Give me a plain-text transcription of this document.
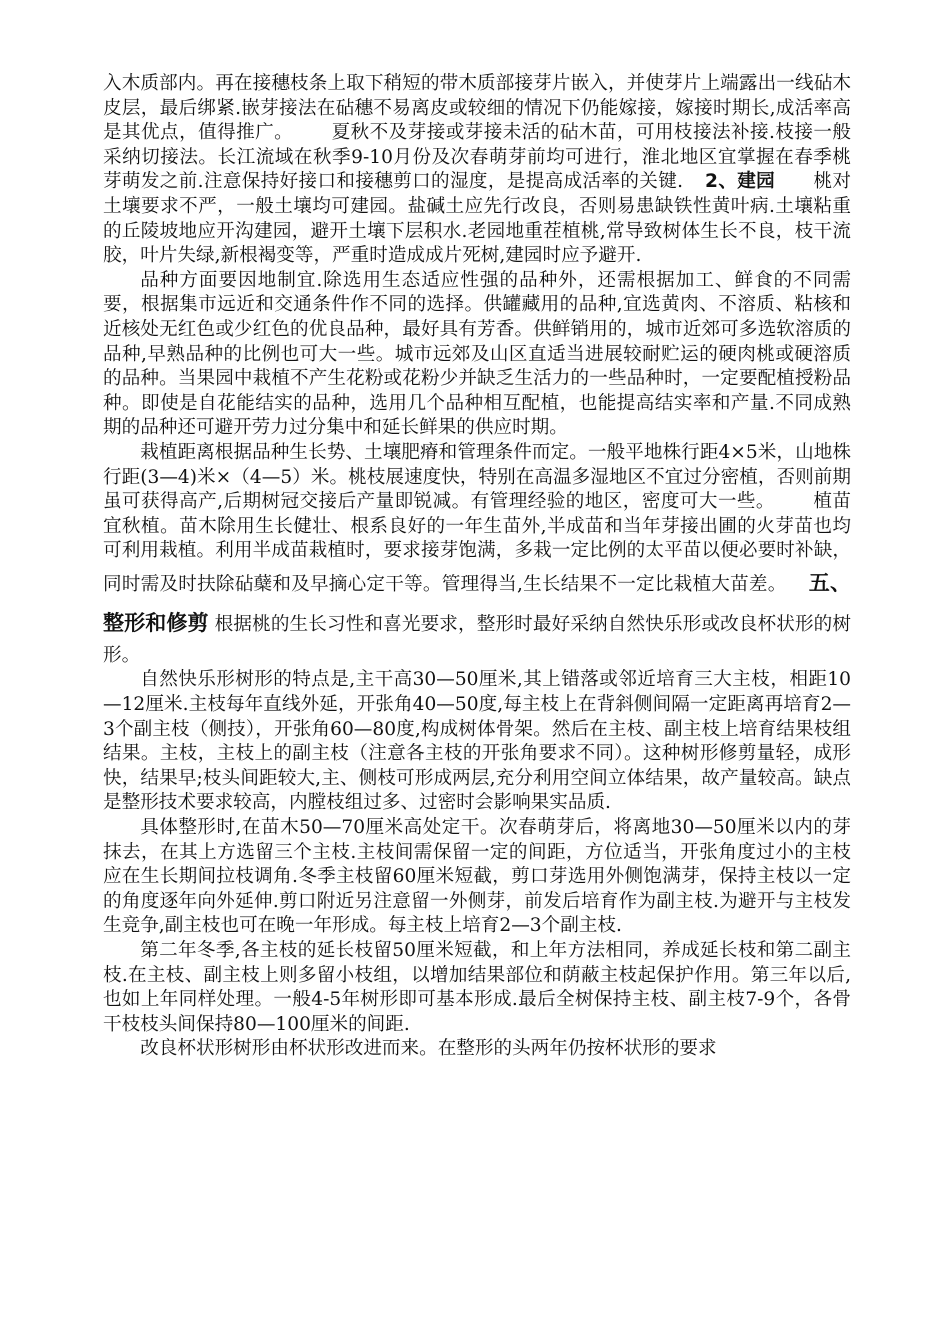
入木质部内。再在接穗枝条上取下稍短的带木质部接芽片嵌入，并使芽片上端露出一线砧木皮层，最后绑紧.嵌芽接法在砧穗不易离皮或较细的情况下仍能嫁接，嫁接时期长,成活率高是其优点，值得推广。 夏秋不及芽接或芽接未活的砧木苗，可用枝接法补接.枝接一般采纳切接法。长江流域在秋季9-10月份及次春萌芽前均可进行，淮北地区宜掌握在春季桃芽萌发之前.注意保持好接口和接穗剪口的湿度，是提高成活率的关键. 2、建园 桃对土壤要求不严，一般土壤均可建园。盐碱土应先行改良，否则易患缺铁性黄叶病.土壤粘重的丘陵坡地应开沟建园，避开土壤下层积水.老园地重茬植桃,常导致树体生长不良，枝干流胶，叶片失绿,新根褐变等，严重时造成成片死树,建园时应予避开.

品种方面要因地制宜.除选用生态适应性强的品种外，还需根据加工、鲜食的不同需要，根据集市远近和交通条件作不同的选择。供罐藏用的品种,宜选黄肉、不溶质、粘核和近核处无红色或少红色的优良品种，最好具有芳香。供鲜销用的，城市近郊可多选软溶质的品种,早熟品种的比例也可大一些。城市远郊及山区直适当进展较耐贮运的硬肉桃或硬溶质的品种。当果园中栽植不产生花粉或花粉少并缺乏生活力的一些品种时，一定要配植授粉品种。即使是自花能结实的品种，选用几个品种相互配植，也能提高结实率和产量.不同成熟期的品种还可避开劳力过分集中和延长鲜果的供应时期。

栽植距离根据品种生长势、土壤肥瘠和管理条件而定。一般平地株行距4×5米，山地株行距(3—4)米×（4—5）米。桃枝展速度快，特别在高温多湿地区不宜过分密植，否则前期虽可获得高产,后期树冠交接后产量即锐减。有管理经验的地区，密度可大一些。 植苗宜秋植。苗木除用生长健壮、根系良好的一年生苗外,半成苗和当年芽接出圃的火芽苗也均可利用栽植。利用半成苗栽植时，要求接芽饱满，多栽一定比例的太平苗以便必要时补缺，同时需及时扶除砧蘖和及早摘心定干等。管理得当,生长结果不一定比栽植大苗差。 五、整形和修剪 根据桃的生长习性和喜光要求，整形时最好采纳自然快乐形或改良杯状形的树形。

自然快乐形树形的特点是,主干高30—50厘米,其上错落或邻近培育三大主枝，相距10—12厘米.主枝每年直线外延，开张角40—50度,每主枝上在背斜侧间隔一定距离再培育2—3个副主枝（侧技），开张角60—80度,构成树体骨架。然后在主枝、副主枝上培育结果枝组结果。主枝，主枝上的副主枝（注意各主枝的开张角要求不同）。这种树形修剪量轻，成形快，结果早;枝头间距较大,主、侧枝可形成两层,充分利用空间立体结果，故产量较高。缺点是整形技术要求较高，内膛枝组过多、过密时会影响果实品质.

具体整形时,在苗木50—70厘米高处定干。次春萌芽后，将离地30—50厘米以内的芽抹去，在其上方选留三个主枝.主枝间需保留一定的间距，方位适当，开张角度过小的主枝应在生长期间拉枝调角.冬季主枝留60厘米短截，剪口芽选用外侧饱满芽，保持主枝以一定的角度逐年向外延伸.剪口附近另注意留一外侧芽，前发后培育作为副主枝.为避开与主枝发生竞争,副主枝也可在晚一年形成。每主枝上培育2—3个副主枝.

第二年冬季,各主枝的延长枝留50厘米短截，和上年方法相同，养成延长枝和第二副主枝.在主枝、副主枝上则多留小枝组，以增加结果部位和荫蔽主枝起保护作用。第三年以后,也如上年同样处理。一般4-5年树形即可基本形成.最后全树保持主枝、副主枝7-9个，各骨干枝枝头间保持80—100厘米的间距.

改良杯状形树形由杯状形改进而来。在整形的头两年仍按杯状形的要求
